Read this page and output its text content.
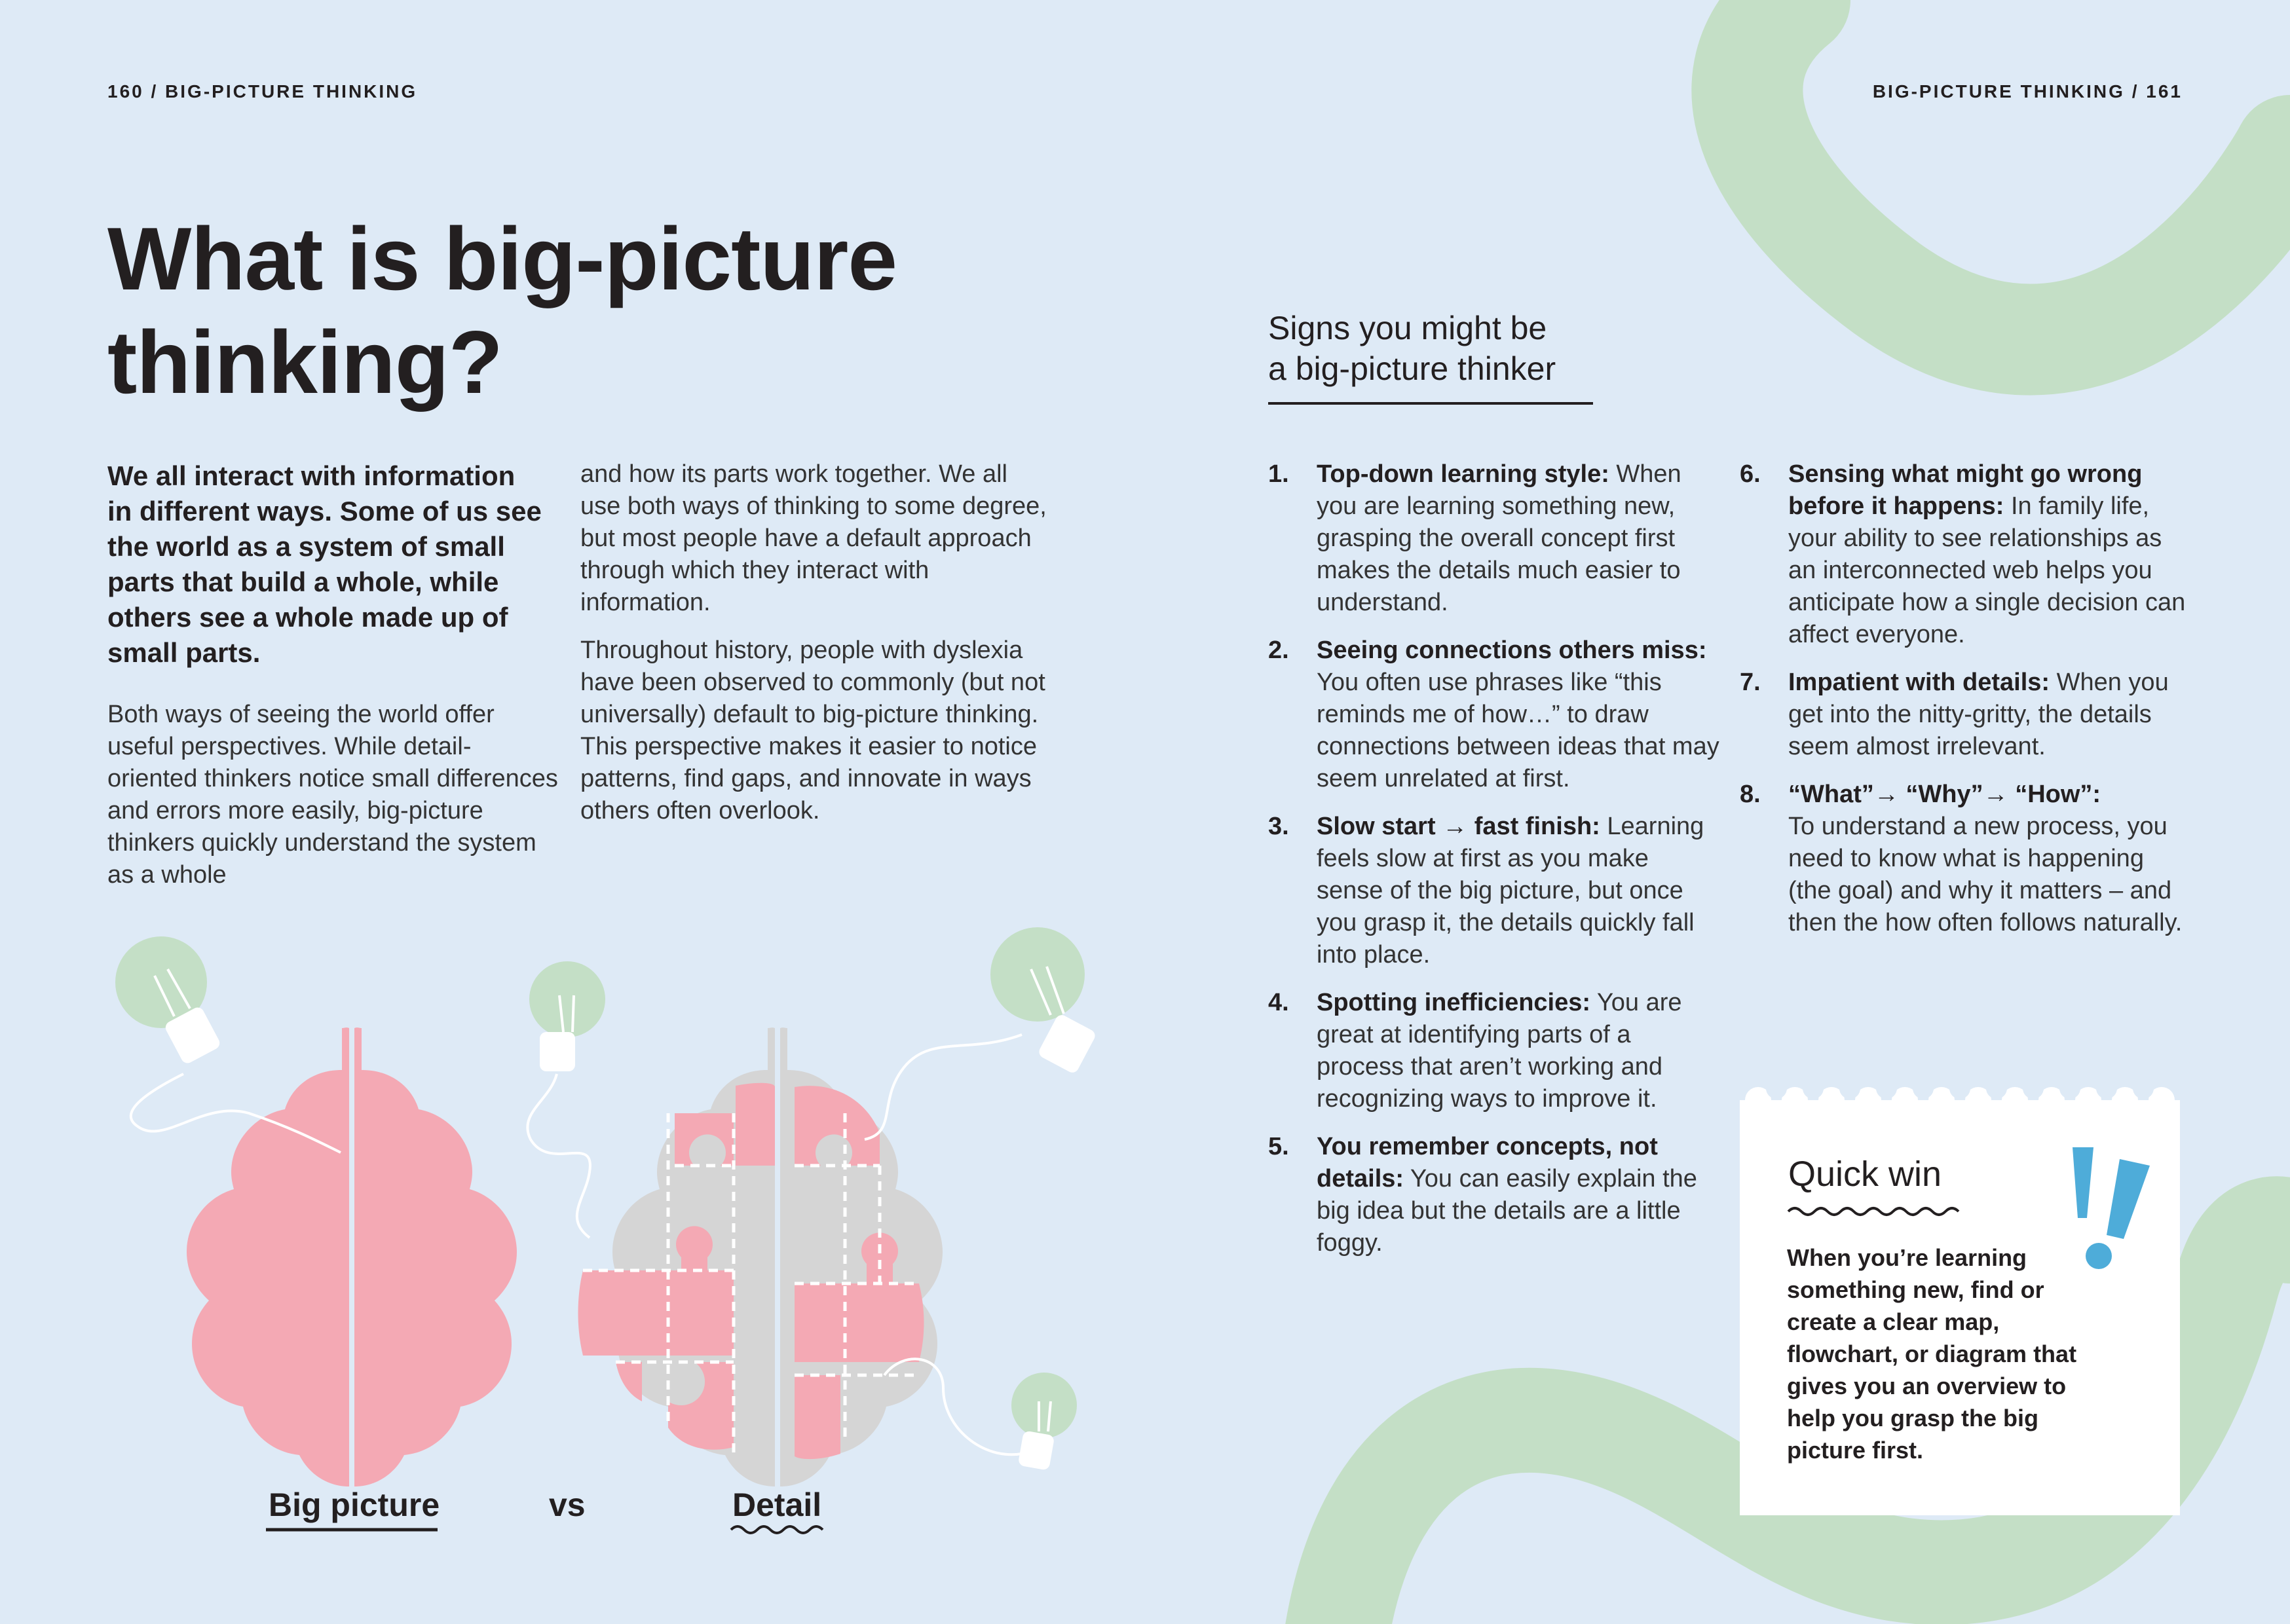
160 / BIG-PICTURE THINKING	BIG-PICTURE THINKING / 161
What is big-picture
thinking?

We all interact with information in different ways. Some of us see the world as a system of small parts that build a whole, while others see a whole made up of small parts.

Both ways of seeing the world offer useful perspectives. While detail-oriented thinkers notice small differences and errors more easily, big-picture thinkers quickly understand the system as a whole

and how its parts work together. We all use both ways of thinking to some degree, but most people have a default approach through which they interact with information.

Throughout history, people with dyslexia have been observed to commonly (but not universally) default to big-picture thinking. This perspective makes it easier to notice patterns, find gaps, and innovate in ways others often overlook.

Big picture	vs	Detail
Signs you might be
a big-picture thinker
1. Top-down learning style: When you are learning something new, grasping the overall concept first makes the details much easier to understand.
2. Seeing connections others miss: You often use phrases like “this reminds me of how…” to draw connections between ideas that may seem unrelated at first.
3. Slow start → fast finish: Learning feels slow at first as you make sense of the big picture, but once you grasp it, the details quickly fall into place.
4. Spotting inefficiencies: You are great at identifying parts of a process that aren’t working and recognizing ways to improve it.
5. You remember concepts, not details: You can easily explain the big idea but the details are a little foggy.
6. Sensing what might go wrong before it happens: In family life, your ability to see relationships as an interconnected web helps you anticipate how a single decision can affect everyone.
7. Impatient with details: When you get into the nitty-gritty, the details seem almost irrelevant.
8. “What”→ “Why”→ “How”:
To understand a new process, you need to know what is happening (the goal) and why it matters – and then the how often follows naturally.
Quick win

When you’re learning something new, find or create a clear map, flowchart, or diagram that gives you an overview to help you grasp the big picture first.
